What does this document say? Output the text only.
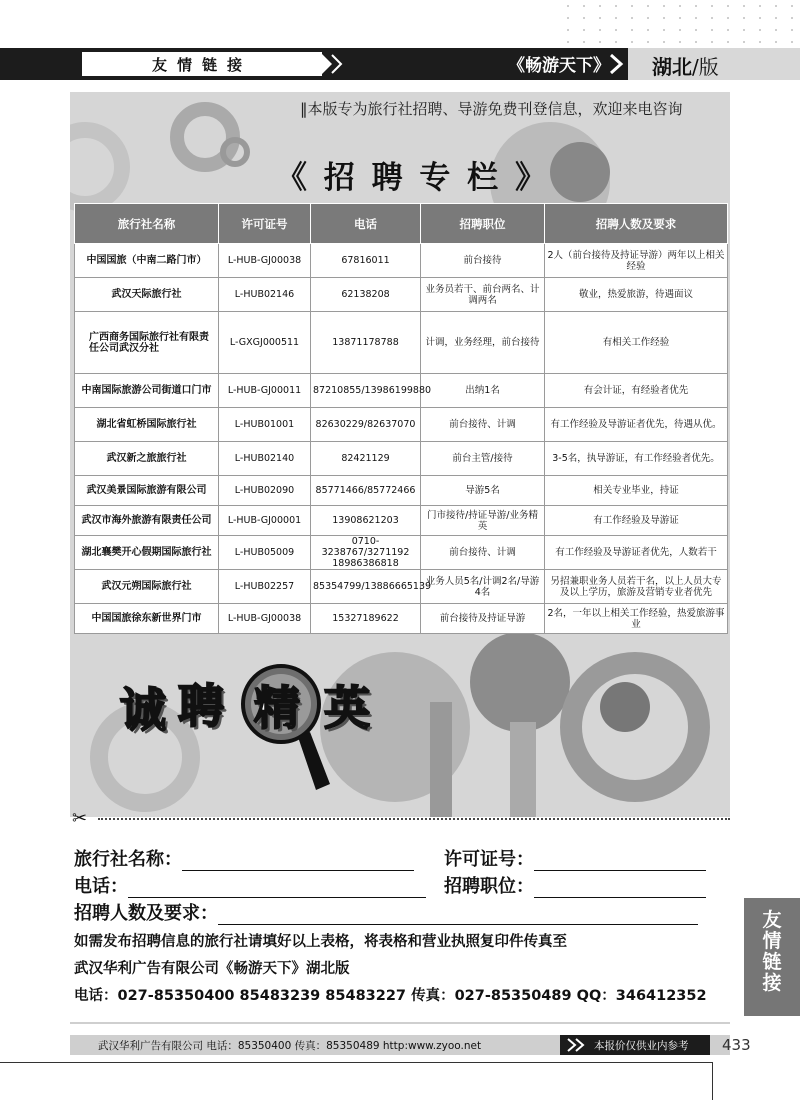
友情链接	《畅游天下》 湖北/版
‖本版专为旅行社招聘、导游免费刊登信息，欢迎来电咨询
《 招 聘 专 栏 》
旅行社名称	许可证号	电话	招聘职位	招聘人数及要求
中国国旅（中南二路门市）	L-HUB-GJ00038	67816011	前台接待	2人（前台接待及持证导游）两年以上相关经验
武汉天际旅行社	L-HUB02146	62138208	业务员若干、前台两名、计调两名	敬业，热爱旅游，待遇面议
广西商务国际旅行社有限责任公司武汉分社	L-GXGJ000511	13871178788	计调，业务经理，前台接待	有相关工作经验
中南国际旅游公司街道口门市	L-HUB-GJ00011	87210855/13986199880	出纳1名	有会计证，有经验者优先
湖北省虹桥国际旅行社	L-HUB01001	82630229/82637070	前台接待、计调	有工作经验及导游证者优先，待遇从优。
武汉新之旅旅行社	L-HUB02140	82421129	前台主管/接待	3-5名，执导游证，有工作经验者优先。
武汉美景国际旅游有限公司	L-HUB02090	85771466/85772466	导游5名	相关专业毕业，持证
武汉市海外旅游有限责任公司	L-HUB-GJ00001	13908621203	门市接待/持证导游/业务精英	有工作经验及导游证
湖北襄樊开心假期国际旅行社	L-HUB05009	0710-3238767/3271192 18986386818	前台接待、计调	有工作经验及导游证者优先，人数若干
武汉元朔国际旅行社	L-HUB02257	85354799/13886665139	业务人员5名/计调2名/导游4名	另招兼职业务人员若干名，以上人员大专及以上学历，旅游及营销专业者优先
中国国旅徐东新世界门市	L-HUB-GJ00038	15327189622	前台接待及持证导游	2名，一年以上相关工作经验，热爱旅游事业
诚 聘 精 英
✂
旅行社名称：	许可证号：
电话：	招聘职位：
招聘人数及要求：
如需发布招聘信息的旅行社请填好以上表格，将表格和营业执照复印件传真至
武汉华利广告有限公司《畅游天下》湖北版
电话：027-85350400 85483239 85483227 传真：027-85350489 QQ：346412352
友
情
链
接
武汉华利广告有限公司 电话：85350400 传真：85350489 http:www.zyoo.net	本报价仅供业内参考 433
